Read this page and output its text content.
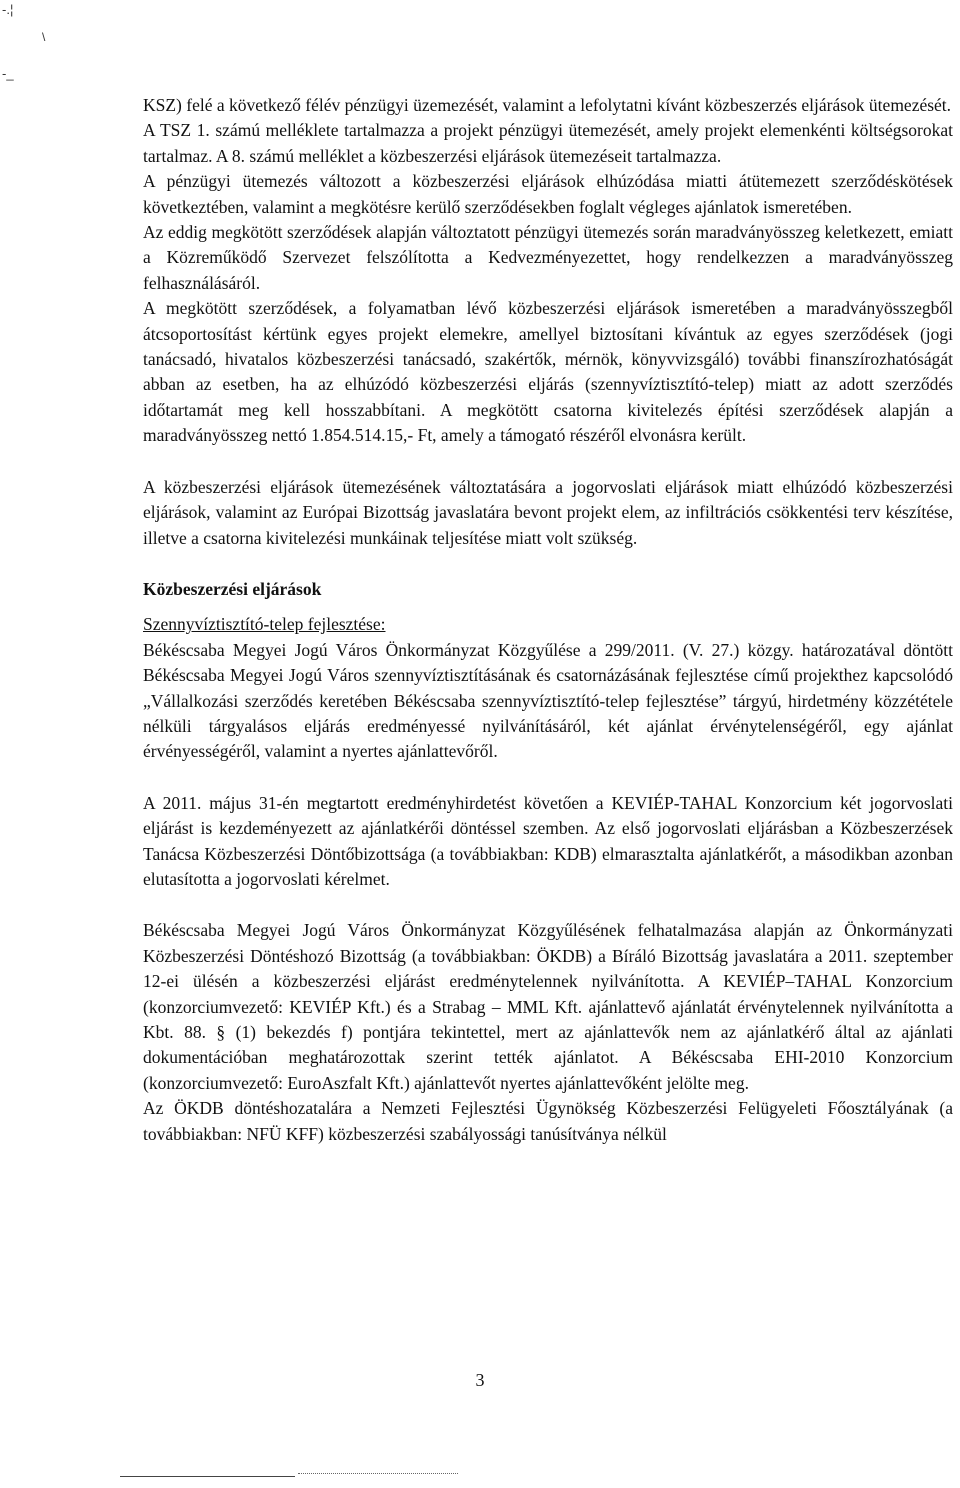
-.¦
\
-_

KSZ) felé a következő félév pénzügyi üzemezését, valamint a lefolytatni kívánt közbeszerzés eljárások ütemezését.

A TSZ 1. számú melléklete tartalmazza a projekt pénzügyi ütemezését, amely projekt elemenkénti költségsorokat tartalmaz. A 8. számú melléklet a közbeszerzési eljárások ütemezéseit tartalmazza.

A pénzügyi ütemezés változott a közbeszerzési eljárások elhúzódása miatti átütemezett szerződéskötések következtében, valamint a megkötésre kerülő szerződésekben foglalt végleges ajánlatok ismeretében.

Az eddig megkötött szerződések alapján változtatott pénzügyi ütemezés során maradványösszeg keletkezett, emiatt a Közreműködő Szervezet felszólította a Kedvezményezettet, hogy rendelkezzen a maradványösszeg felhasználásáról.

A megkötött szerződések, a folyamatban lévő közbeszerzési eljárások ismeretében a maradványösszegből átcsoportosítást kértünk egyes projekt elemekre, amellyel biztosítani kívántuk az egyes szerződések (jogi tanácsadó, hivatalos közbeszerzési tanácsadó, szakértők, mérnök, könyvvizsgáló) további finanszírozhatóságát abban az esetben, ha az elhúzódó közbeszerzési eljárás (szennyvíztisztító-telep) miatt az adott szerződés időtartamát meg kell hosszabbítani. A megkötött csatorna kivitelezés építési szerződések alapján a maradványösszeg nettó 1.854.514.15,- Ft, amely a támogató részéről elvonásra került.

A közbeszerzési eljárások ütemezésének változtatására a jogorvoslati eljárások miatt elhúzódó közbeszerzési eljárások, valamint az Európai Bizottság javaslatára bevont projekt elem, az infiltrációs csökkentési terv készítése, illetve a csatorna kivitelezési munkáinak teljesítése miatt volt szükség.

Közbeszerzési eljárások
Szennyvíztisztító-telep fejlesztése:

Békéscsaba Megyei Jogú Város Önkormányzat Közgyűlése a 299/2011. (V. 27.) közgy. határozatával döntött Békéscsaba Megyei Jogú Város szennyvíztisztításának és csatornázásának fejlesztése című projekthez kapcsolódó „Vállalkozási szerződés keretében Békéscsaba szennyvíztisztító-telep fejlesztése” tárgyú, hirdetmény közzététele nélküli tárgyalásos eljárás eredményessé nyilvánításáról, két ajánlat érvénytelenségéről, egy ajánlat érvényességéről, valamint a nyertes ajánlattevőről.

A 2011. május 31-én megtartott eredményhirdetést követően a KEVIÉP-TAHAL Konzorcium két jogorvoslati eljárást is kezdeményezett az ajánlatkérői döntéssel szemben. Az első jogorvoslati eljárásban a Közbeszerzések Tanácsa Közbeszerzési Döntőbizottsága (a továbbiakban: KDB) elmarasztalta ajánlatkérőt, a másodikban azonban elutasította a jogorvoslati kérelmet.

Békéscsaba Megyei Jogú Város Önkormányzat Közgyűlésének felhatalmazása alapján az Önkormányzati Közbeszerzési Döntéshozó Bizottság (a továbbiakban: ÖKDB) a Bíráló Bizottság javaslatára a 2011. szeptember 12-ei ülésén a közbeszerzési eljárást eredménytelennek nyilvánította. A KEVIÉP–TAHAL Konzorcium (konzorciumvezető: KEVIÉP Kft.) és a Strabag – MML Kft. ajánlattevő ajánlatát érvénytelennek nyilvánította a Kbt. 88. § (1) bekezdés f) pontjára tekintettel, mert az ajánlattevők nem az ajánlatkérő által az ajánlati dokumentációban meghatározottak szerint tették ajánlatot. A Békéscsaba EHI-2010 Konzorcium (konzorciumvezető: EuroAszfalt Kft.) ajánlattevőt nyertes ajánlattevőként jelölte meg.

Az ÖKDB döntéshozatalára a Nemzeti Fejlesztési Ügynökség Közbeszerzési Felügyeleti Főosztályának (a továbbiakban: NFÜ KFF) közbeszerzési szabályossági tanúsítványa nélkül

3
